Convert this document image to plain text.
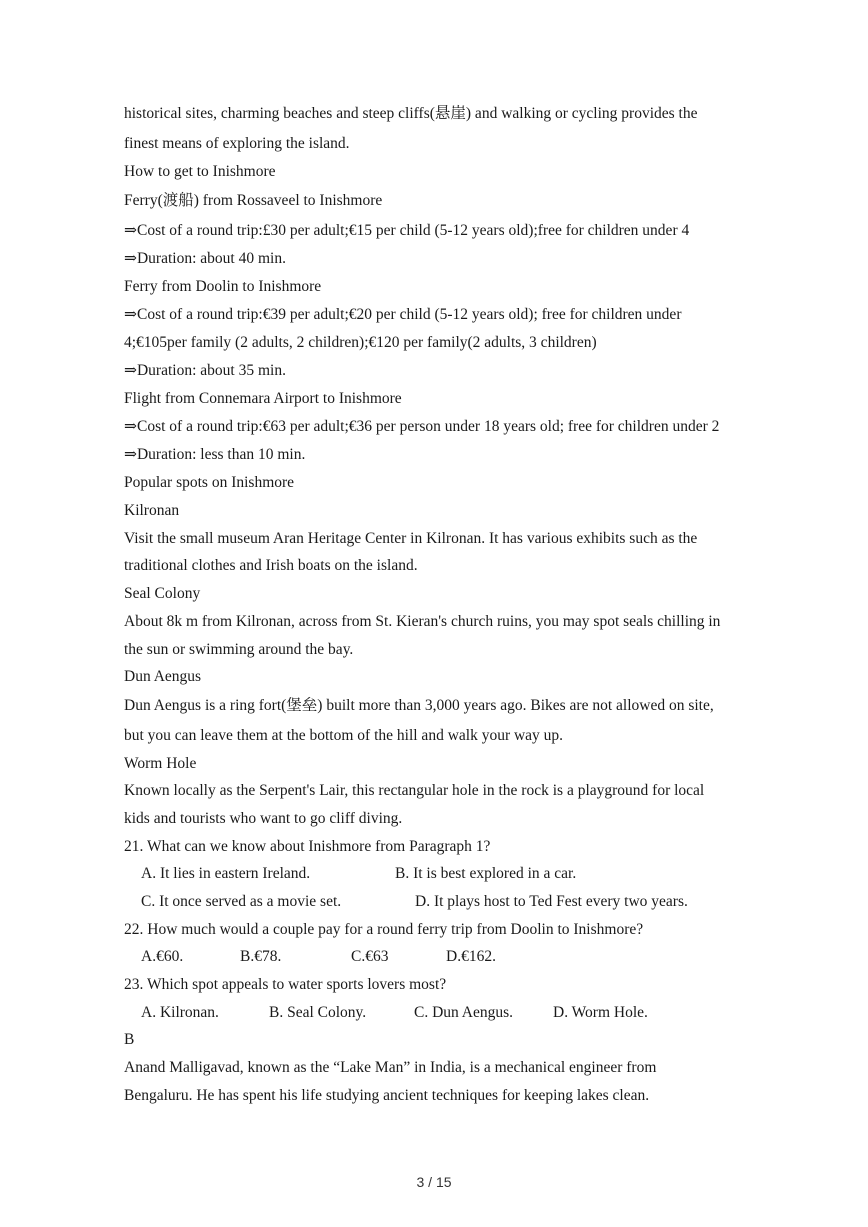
historical sites, charming beaches and steep cliffs(悬崖) and walking or cycling provides the
finest means of exploring the island.
How to get to Inishmore
Ferry(渡船) from Rossaveel to Inishmore
⇒Cost of a round trip:£30 per adult;€15 per child (5-12 years old);free for children under 4
⇒Duration: about 40 min.
Ferry from Doolin to Inishmore
⇒Cost of a round trip:€39 per adult;€20 per child (5-12 years old); free for children under
4;€105per family (2 adults, 2 children);€120 per family(2 adults, 3 children)
⇒Duration: about 35 min.
Flight from Connemara Airport to Inishmore
⇒Cost of a round trip:€63 per adult;€36 per person under 18 years old; free for children under 2
⇒Duration: less than 10 min.
Popular spots on Inishmore
Kilronan
Visit the small museum Aran Heritage Center in Kilronan. It has various exhibits such as the
traditional clothes and Irish boats on the island.
Seal Colony
About 8k m from Kilronan, across from St. Kieran's church ruins, you may spot seals chilling in
the sun or swimming around the bay.
Dun Aengus
Dun Aengus is a ring fort(堡垒) built more than 3,000 years ago. Bikes are not allowed on site,
but you can leave them at the bottom of the hill and walk your way up.
Worm Hole
Known locally as the Serpent's Lair, this rectangular hole in the rock is a playground for local
kids and tourists who want to go cliff diving.
21. What can we know about Inishmore from Paragraph 1?
A. It lies in eastern Ireland.	B. It is best explored in a car.
C. It once served as a movie set.	D. It plays host to Ted Fest every two years.
22. How much would a couple pay for a round ferry trip from Doolin to Inishmore?
A.€60.	B.€78.	C.€63	D.€162.
23. Which spot appeals to water sports lovers most?
A. Kilronan.	B. Seal Colony.	C. Dun Aengus.	D. Worm Hole.
B
Anand Malligavad, known as the “Lake Man” in India, is a mechanical engineer from
Bengaluru. He has spent his life studying ancient techniques for keeping lakes clean.
3 / 15
